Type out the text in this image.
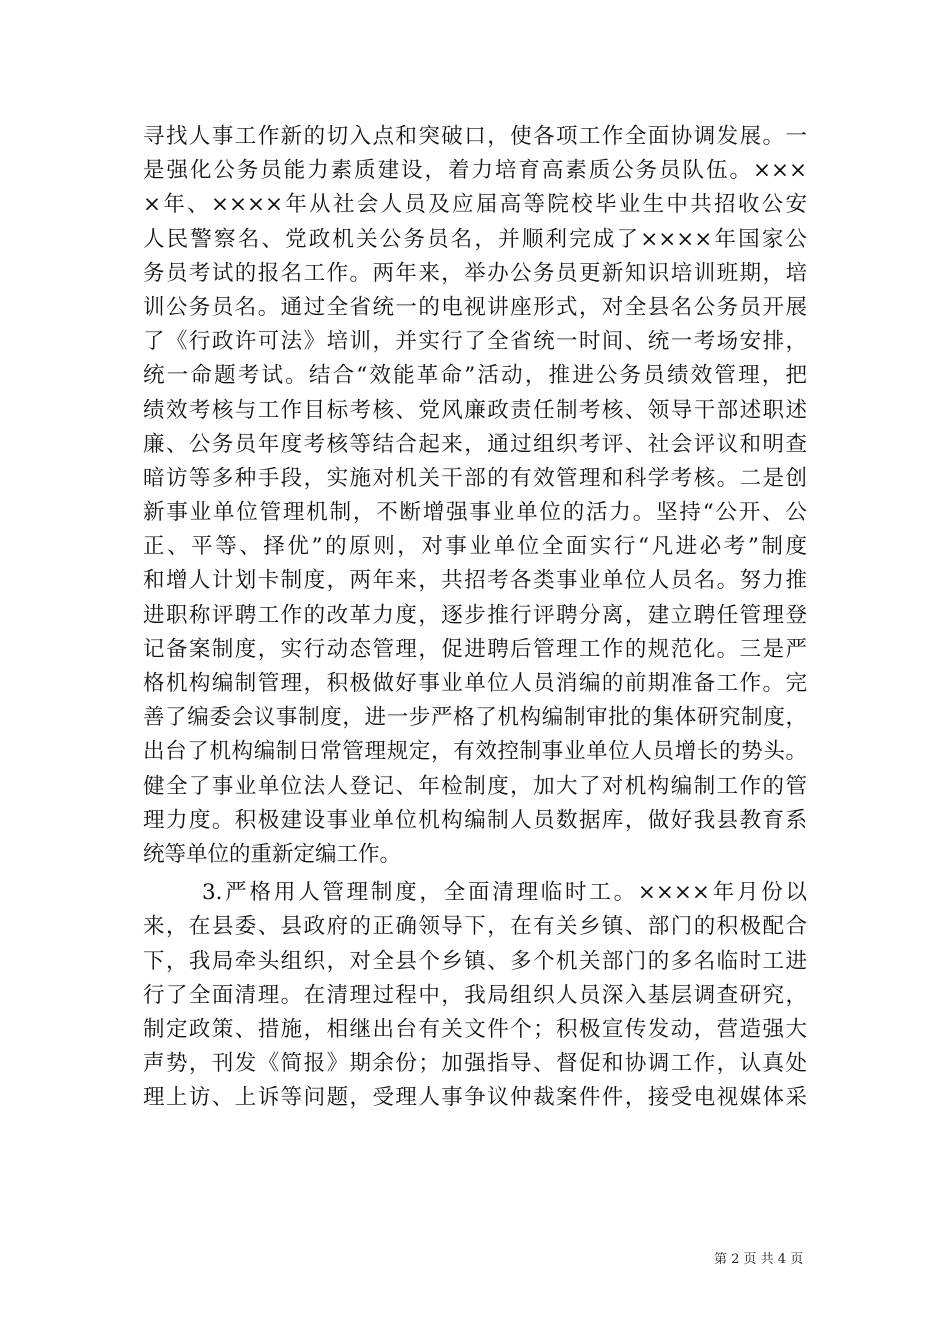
寻找人事工作新的切入点和突破口，使各项工作全面协调发展。一
是强化公务员能力素质建设，着力培育高素质公务员队伍。×××
×年、××××年从社会人员及应届高等院校毕业生中共招收公安
人民警察名、党政机关公务员名，并顺利完成了××××年国家公
务员考试的报名工作。两年来，举办公务员更新知识培训班期，培
训公务员名。通过全省统一的电视讲座形式，对全县名公务员开展
了《行政许可法》培训，并实行了全省统一时间、统一考场安排，
统一命题考试。结合“效能革命”活动，推进公务员绩效管理，把
绩效考核与工作目标考核、党风廉政责任制考核、领导干部述职述
廉、公务员年度考核等结合起来，通过组织考评、社会评议和明查
暗访等多种手段，实施对机关干部的有效管理和科学考核。二是创
新事业单位管理机制，不断增强事业单位的活力。坚持“公开、公
正、平等、择优”的原则，对事业单位全面实行“凡进必考”制度
和增人计划卡制度，两年来，共招考各类事业单位人员名。努力推
进职称评聘工作的改革力度，逐步推行评聘分离，建立聘任管理登
记备案制度，实行动态管理，促进聘后管理工作的规范化。三是严
格机构编制管理，积极做好事业单位人员消编的前期准备工作。完
善了编委会议事制度，进一步严格了机构编制审批的集体研究制度，
出台了机构编制日常管理规定，有效控制事业单位人员增长的势头。
健全了事业单位法人登记、年检制度，加大了对机构编制工作的管
理力度。积极建设事业单位机构编制人员数据库，做好我县教育系
统等单位的重新定编工作。
3.严格用人管理制度，全面清理临时工。××××年月份以
来，在县委、县政府的正确领导下，在有关乡镇、部门的积极配合
下，我局牵头组织，对全县个乡镇、多个机关部门的多名临时工进
行了全面清理。在清理过程中，我局组织人员深入基层调查研究，
制定政策、措施，相继出台有关文件个；积极宣传发动，营造强大
声势，刊发《简报》期余份；加强指导、督促和协调工作，认真处
理上访、上诉等问题，受理人事争议仲裁案件件，接受电视媒体采
第 2 页 共 4 页
